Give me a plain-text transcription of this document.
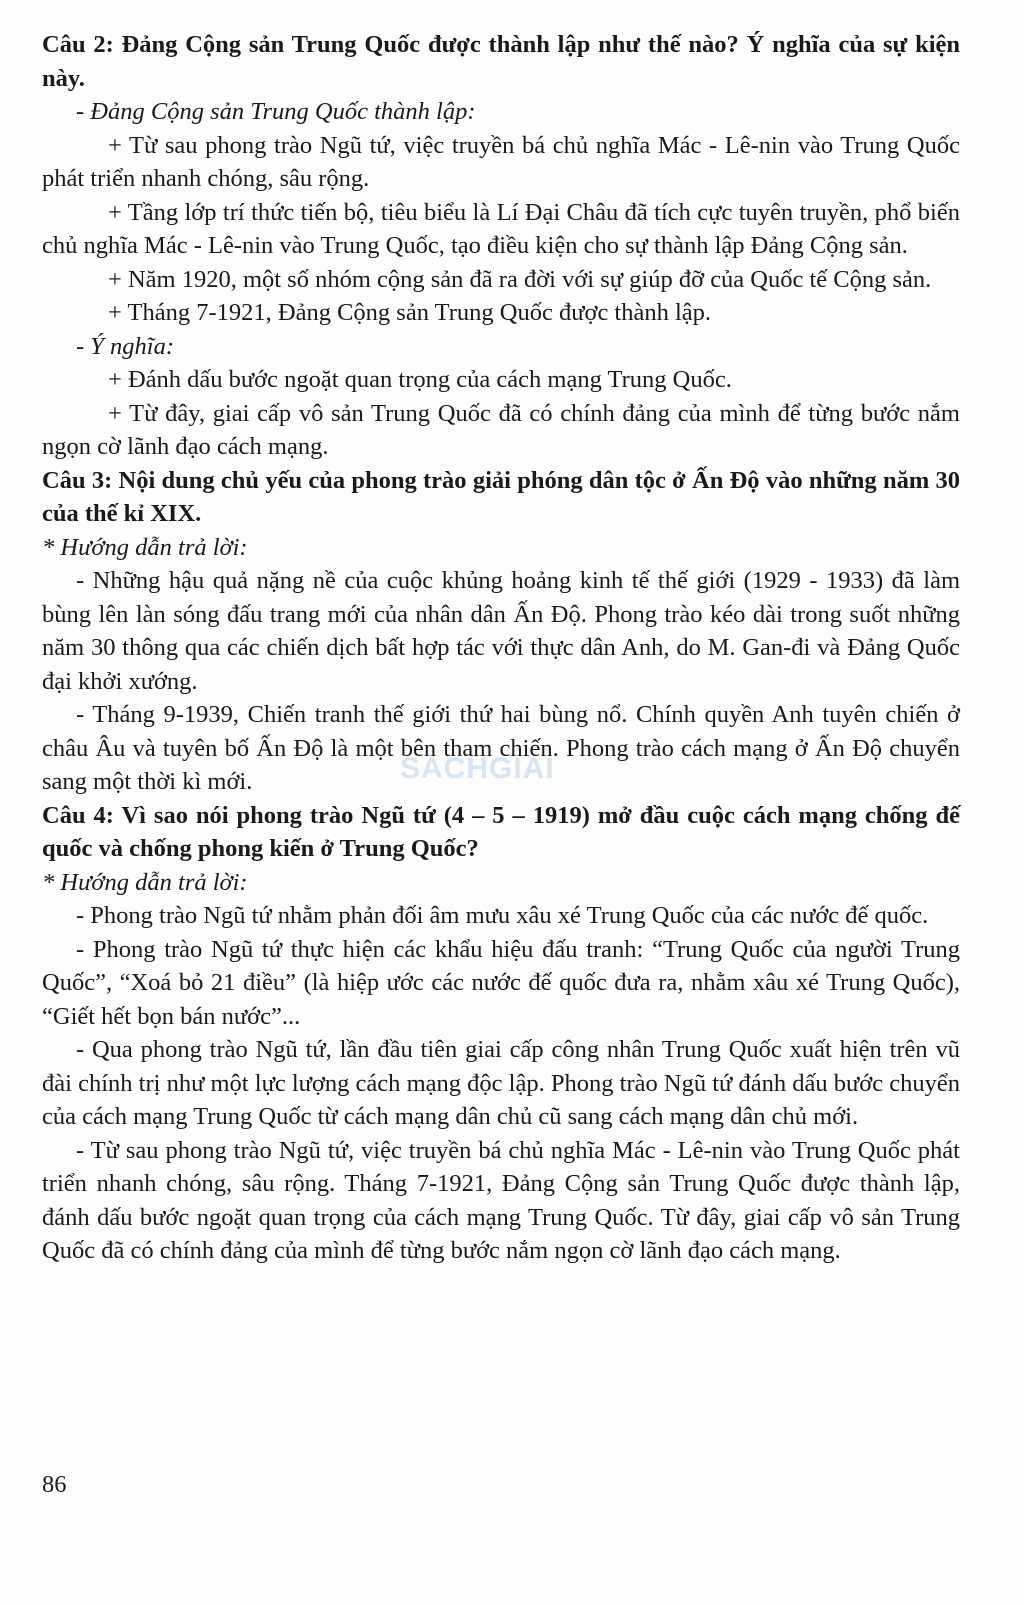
Câu 2: Đảng Cộng sản Trung Quốc được thành lập như thế nào? Ý nghĩa của sự kiện này.

- Đảng Cộng sản Trung Quốc thành lập:

+ Từ sau phong trào Ngũ tứ, việc truyền bá chủ nghĩa Mác - Lê-nin vào Trung Quốc phát triển nhanh chóng, sâu rộng.

+ Tầng lớp trí thức tiến bộ, tiêu biểu là Lí Đại Châu đã tích cực tuyên truyền, phổ biến chủ nghĩa Mác - Lê-nin vào Trung Quốc, tạo điều kiện cho sự thành lập Đảng Cộng sản.

+ Năm 1920, một số nhóm cộng sản đã ra đời với sự giúp đỡ của Quốc tế Cộng sản.

+ Tháng 7-1921, Đảng Cộng sản Trung Quốc được thành lập.

- Ý nghĩa:

+ Đánh dấu bước ngoặt quan trọng của cách mạng Trung Quốc.

+ Từ đây, giai cấp vô sản Trung Quốc đã có chính đảng của mình để từng bước nắm ngọn cờ lãnh đạo cách mạng.

Câu 3: Nội dung chủ yếu của phong trào giải phóng dân tộc ở Ấn Độ vào những năm 30 của thế kỉ XIX.

* Hướng dẫn trả lời:

- Những hậu quả nặng nề của cuộc khủng hoảng kinh tế thế giới (1929 - 1933) đã làm bùng lên làn sóng đấu trang mới của nhân dân Ấn Độ. Phong trào kéo dài trong suốt những năm 30 thông qua các chiến dịch bất hợp tác với thực dân Anh, do M. Gan-đi và Đảng Quốc đại khởi xướng.

- Tháng 9-1939, Chiến tranh thế giới thứ hai bùng nổ. Chính quyền Anh tuyên chiến ở châu Âu và tuyên bố Ấn Độ là một bên tham chiến. Phong trào cách mạng ở Ấn Độ chuyển sang một thời kì mới.

Câu 4: Vì sao nói phong trào Ngũ tứ (4 – 5 – 1919) mở đầu cuộc cách mạng chống đế quốc và chống phong kiến ở Trung Quốc?

* Hướng dẫn trả lời:

- Phong trào Ngũ tứ nhằm phản đối âm mưu xâu xé Trung Quốc của các nước đế quốc.

- Phong trào Ngũ tứ thực hiện các khẩu hiệu đấu tranh: “Trung Quốc của người Trung Quốc”, “Xoá bỏ 21 điều” (là hiệp ước các nước đế quốc đưa ra, nhằm xâu xé Trung Quốc), “Giết hết bọn bán nước”...

- Qua phong trào Ngũ tứ, lần đầu tiên giai cấp công nhân Trung Quốc xuất hiện trên vũ đài chính trị như một lực lượng cách mạng độc lập. Phong trào Ngũ tứ đánh dấu bước chuyển của cách mạng Trung Quốc từ cách mạng dân chủ cũ sang cách mạng dân chủ mới.

- Từ sau phong trào Ngũ tứ, việc truyền bá chủ nghĩa Mác - Lê-nin vào Trung Quốc phát triển nhanh chóng, sâu rộng. Tháng 7-1921, Đảng Cộng sản Trung Quốc được thành lập, đánh dấu bước ngoặt quan trọng của cách mạng Trung Quốc. Từ đây, giai cấp vô sản Trung Quốc đã có chính đảng của mình để từng bước nắm ngọn cờ lãnh đạo cách mạng.

SACHGIAI
86
